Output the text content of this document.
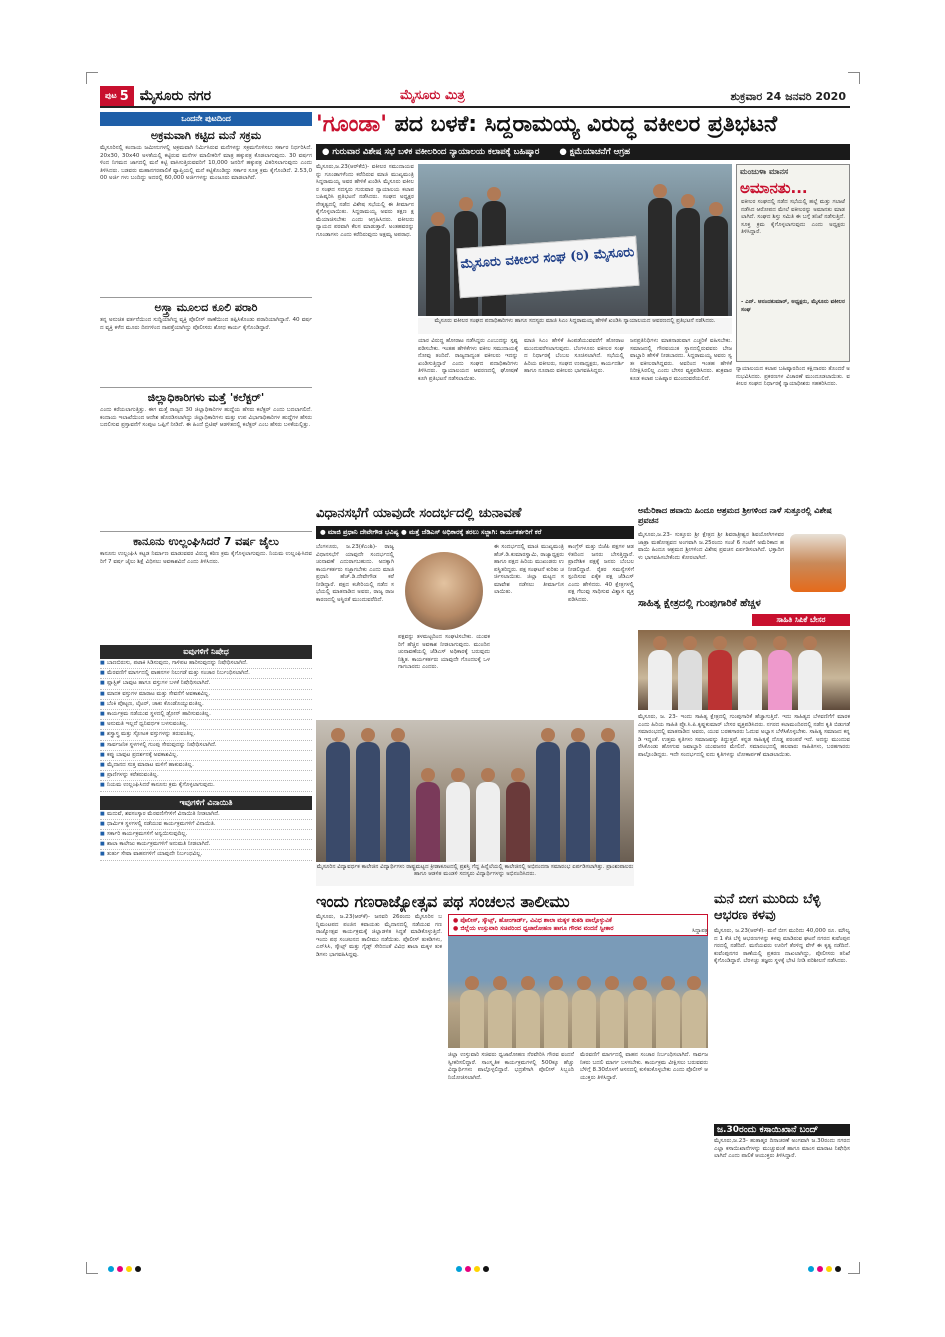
ಪುಟ 5 ಮೈಸೂರು ನಗರ	ಮೈಸೂರು ಮಿತ್ರ	ಶುಕ್ರವಾರ 24 ಜನವರಿ 2020
ಒಂದನೇ ಪುಟದಿಂದ
ಅಕ್ರಮವಾಗಿ ಕಟ್ಟಿದ ಮನೆ ಸಕ್ರಮ
ಮೈಸೂರಿನಲ್ಲಿ ಕಂದಾಯ ಜಮೀನುಗಳಲ್ಲಿ ಅಕ್ರಮವಾಗಿ ನಿರ್ಮಿಸಿರುವ ಮನೆಗಳನ್ನು ಸಕ್ರಮಗೊಳಿಸಲು ಸರ್ಕಾರ ನಿರ್ಧರಿಸಿದೆ. 20x30, 30x40 ಅಳತೆಯಲ್ಲಿ ಕಟ್ಟಿರುವ ಮನೆಗಳ ಮಾಲೀಕರಿಗೆ ಮಾತ್ರ ಹಕ್ಕುಪತ್ರ ಕೊಡಲಾಗುವುದು. 30 ವರ್ಷಗಳಿಂದ ನಿಗಮದ ಜಾಗದಲ್ಲಿ ಮನೆ ಕಟ್ಟಿ ವಾಸಿಸುತ್ತಿರುವವರಿಗೆ 10,000 ಜನರಿಗೆ ಹಕ್ಕುಪತ್ರ ವಿತರಿಸಲಾಗುವುದು ಎಂದು ತಿಳಿಸಿದರು. ಬಡವರು ಮಹಾನಗರಪಾಲಿಕೆ ವ್ಯಾಪ್ತಿಯಲ್ಲಿ ಮನೆ ಕಟ್ಟಿಕೊಂಡಿದ್ದು ಸರ್ಕಾರ ಸೂಕ್ತ ಕ್ರಮ ಕೈಗೊಂಡಿದೆ. 2.53,000 ಅರ್ಜಿ ಗಳು ಬಂದಿದ್ದು ಅದರಲ್ಲಿ 60,000 ಅರ್ಜಿಗಳನ್ನು ಮಂಜೂರು ಮಾಡಲಾಗಿದೆ.
ಅಸ್ತ್ರಾ ಮೂಲದ ಕೂಲಿ ಪರಾರಿ
ತನ್ನ ಅನುಚಿತ ವರ್ತನೆಯಿಂದ ಸುದ್ದಿಯಾಗಿದ್ದ ವ್ಯಕ್ತಿ ಪೊಲೀಸ್ ಠಾಣೆಯಿಂದ ತಪ್ಪಿಸಿಕೊಂಡು ಪರಾರಿಯಾಗಿದ್ದಾನೆ. 40 ವರ್ಷದ ವ್ಯಕ್ತಿ ಕಳೆದ ಮೂರು ದಿನಗಳಿಂದ ನಾಪತ್ತೆಯಾಗಿದ್ದು ಪೊಲೀಸರು ಶೋಧ ಕಾರ್ಯ ಕೈಗೊಂಡಿದ್ದಾರೆ.
ಜಿಲ್ಲಾಧಿಕಾರಿಗಳು ಮತ್ತೆ 'ಕಲೆಕ್ಟರ್'
ಎಂದು ಕರೆಯಲಾಗುತ್ತಿತ್ತು. ಈಗ ಮತ್ತೆ ರಾಜ್ಯದ 30 ಜಿಲ್ಲಾಧಿಕಾರಿಗಳ ಹುದ್ದೆಯ ಹೆಸರು ಕಲೆಕ್ಟರ್ ಎಂದು ಬದಲಾಗಲಿದೆ. ಕಂದಾಯ ಇಲಾಖೆಯಿಂದ ಆದೇಶ ಹೊರಡಿಸಲಾಗಿದ್ದು ಜಿಲ್ಲಾಧಿಕಾರಿಗಳು ಮತ್ತು ಉಪ ವಿಭಾಗಾಧಿಕಾರಿಗಳ ಹುದ್ದೆಗಳ ಹೆಸರು ಬದಲಿಸುವ ಪ್ರಸ್ತಾವನೆಗೆ ಸಂಪುಟ ಒಪ್ಪಿಗೆ ನೀಡಿದೆ. ಈ ಹಿಂದೆ ಬ್ರಿಟಿಷ್ ಆಡಳಿತದಲ್ಲಿ ಕಲೆಕ್ಟರ್ ಎಂಬ ಹೆಸರು ಬಳಕೆಯಲ್ಲಿತ್ತು.
ಕಾನೂನು ಉಲ್ಲಂಘಿಸಿದರೆ 7 ವರ್ಷ ಜೈಲು
ಕಾನೂನು ಉಲ್ಲಂಘಿಸಿ ಕಟ್ಟಡ ನಿರ್ಮಾಣ ಮಾಡುವವರ ವಿರುದ್ಧ ಕಠಿಣ ಕ್ರಮ ಕೈಗೊಳ್ಳಲಾಗುವುದು. ನಿಯಮ ಉಲ್ಲಂಘಿಸಿದವರಿಗೆ 7 ವರ್ಷ ಜೈಲು ಶಿಕ್ಷೆ ವಿಧಿಸಲು ಅವಕಾಶವಿದೆ ಎಂದು ತಿಳಿಸಿದರು.
ಐವುಗಳಿಗೆ ನಿಷೇಧ
■ ಬಾಣಬಿರುಸು, ಪಟಾಕಿ ಸಿಡಿಸುವುದು, ಗಾಳಿಪಟ ಹಾರಿಸುವುದನ್ನು ನಿಷೇಧಿಸಲಾಗಿದೆ.
■ ಮೆರವಣಿಗೆ ಮಾರ್ಗದಲ್ಲಿ ವಾಹನಗಳ ನಿಲುಗಡೆ ಮತ್ತು ಸಂಚಾರ ನಿರ್ಬಂಧಿಸಲಾಗಿದೆ.
■ ಪ್ಲಾಸ್ಟಿಕ್ ಬಾವುಟ ಹಾಗೂ ವಸ್ತುಗಳ ಬಳಕೆ ನಿಷೇಧಿಸಲಾಗಿದೆ.
■ ಮಾದಕ ವಸ್ತುಗಳ ಮಾರಾಟ ಮತ್ತು ಸೇವನೆಗೆ ಅವಕಾಶವಿಲ್ಲ.
■ ಬೆಂಕಿ ಪೊಟ್ಟಣ, ಲೈಟರ್, ಚಾಕು ಕೊಂಡೊಯ್ಯುವಂತಿಲ್ಲ.
■ ಕಾರ್ಯಕ್ರಮ ನಡೆಯುವ ಸ್ಥಳದಲ್ಲಿ ಡ್ರೋನ್ ಹಾರಿಸುವಂತಿಲ್ಲ.
■ ಅನುಮತಿ ಇಲ್ಲದೆ ಧ್ವನಿವರ್ಧಕ ಬಳಸುವಂತಿಲ್ಲ.
■ ಶಸ್ತ್ರಾಸ್ತ್ರ ಮತ್ತು ಸ್ಫೋಟಕ ವಸ್ತುಗಳನ್ನು ತರುವಂತಿಲ್ಲ.
■ ಸಾರ್ವಜನಿಕ ಸ್ಥಳಗಳಲ್ಲಿ ಗುಂಪು ಸೇರುವುದನ್ನು ನಿಷೇಧಿಸಲಾಗಿದೆ.
■ ಕಪ್ಪು ಬಾವುಟ ಪ್ರದರ್ಶನಕ್ಕೆ ಅವಕಾಶವಿಲ್ಲ.
■ ಮೈದಾನದ ಸುತ್ತ ಮಾರಾಟ ಮಳಿಗೆ ಹಾಕುವಂತಿಲ್ಲ.
■ ಪ್ರಾಣಿಗಳನ್ನು ಕರೆತರುವಂತಿಲ್ಲ.
■ ನಿಯಮ ಉಲ್ಲಂಘಿಸಿದರೆ ಕಾನೂನು ಕ್ರಮ ಕೈಗೊಳ್ಳಲಾಗುವುದು.
ಇವುಗಳಿಗೆ ವಿನಾಯಿತಿ
■ ಮದುವೆ, ಶವಸಂಸ್ಕಾರ ಮೆರವಣಿಗೆಗಳಿಗೆ ವಿನಾಯಿತಿ ನೀಡಲಾಗಿದೆ.
■ ಧಾರ್ಮಿಕ ಸ್ಥಳಗಳಲ್ಲಿ ನಡೆಯುವ ಕಾರ್ಯಕ್ರಮಗಳಿಗೆ ವಿನಾಯಿತಿ.
■ ಸರ್ಕಾರಿ ಕಾರ್ಯಕ್ರಮಗಳಿಗೆ ಅನ್ವಯಿಸುವುದಿಲ್ಲ.
■ ಶಾಲಾ ಕಾಲೇಜು ಕಾರ್ಯಕ್ರಮಗಳಿಗೆ ಅನುಮತಿ ನೀಡಲಾಗಿದೆ.
■ ತುರ್ತು ಸೇವಾ ವಾಹನಗಳಿಗೆ ಯಾವುದೇ ನಿರ್ಬಂಧವಿಲ್ಲ.
'ಗೂಂಡಾ' ಪದ ಬಳಕೆ: ಸಿದ್ದರಾಮಯ್ಯ ವಿರುದ್ಧ ವಕೀಲರ ಪ್ರತಿಭಟನೆ
● ಗುರುವಾರ ವಿಶೇಷ ಸಭೆ ಬಳಿಕ ವಕೀಲರಿಂದ ನ್ಯಾಯಾಲಯ ಕಲಾಪಕ್ಕೆ ಬಹಿಷ್ಕಾರ ● ಕ್ಷಮೆಯಾಚನೆಗೆ ಆಗ್ರಹ
ಮೈಸೂರು,ಜ.23(ಆರ್‌ಕೆಬಿ)- ವಕೀಲರ ಸಮುದಾಯವನ್ನು ಗೂಂಡಾಗಳೆಂದು ಕರೆದಿರುವ ಮಾಜಿ ಮುಖ್ಯಮಂತ್ರಿ ಸಿದ್ದರಾಮಯ್ಯ ಅವರ ಹೇಳಿಕೆ ಖಂಡಿಸಿ ಮೈಸೂರು ವಕೀಲರ ಸಂಘದ ಸದಸ್ಯರು ಗುರುವಾರ ನ್ಯಾಯಾಲಯ ಕಲಾಪ ಬಹಿಷ್ಕರಿಸಿ ಪ್ರತಿಭಟನೆ ನಡೆಸಿದರು. ಸಂಘದ ಅಧ್ಯಕ್ಷರ ನೇತೃತ್ವದಲ್ಲಿ ನಡೆದ ವಿಶೇಷ ಸಭೆಯಲ್ಲಿ ಈ ತೀರ್ಮಾನ ಕೈಗೊಳ್ಳಲಾಯಿತು. ಸಿದ್ದರಾಮಯ್ಯ ಅವರು ತಕ್ಷಣ ಕ್ಷಮೆಯಾಚಿಸಬೇಕು ಎಂದು ಆಗ್ರಹಿಸಿದರು. ವಕೀಲರು ನ್ಯಾಯದ ಪರವಾಗಿ ಕೆಲಸ ಮಾಡುತ್ತಾರೆ. ಅಂತಹವರನ್ನು ಗೂಂಡಾಗಳು ಎಂದು ಕರೆದಿರುವುದು ಅಕ್ಷಮ್ಯ ಅಪರಾಧ.
ಮೈಸೂರು ವಕೀಲರ ಸಂಘ (ರಿ) ಮೈಸೂರು
ಮೈಸೂರು ವಕೀಲರ ಸಂಘದ ಪದಾಧಿಕಾರಿಗಳು ಹಾಗೂ ಸದಸ್ಯರು ಮಾಜಿ ಸಿಎಂ ಸಿದ್ದರಾಮಯ್ಯ ಹೇಳಿಕೆ ಖಂಡಿಸಿ ನ್ಯಾಯಾಲಯದ ಆವರಣದಲ್ಲಿ ಪ್ರತಿಭಟನೆ ನಡೆಸಿದರು.
ಯಾರ ವಿರುದ್ಧ ಹೋರಾಟ ನಡೆಸಿದ್ದರು ಎಂಬುದನ್ನು ಸ್ಪಷ್ಟಪಡಿಸಬೇಕು. ಇಂತಹ ಹೇಳಿಕೆಗಳು ವಕೀಲ ಸಮುದಾಯಕ್ಕೆ ನೋವು ತಂದಿದೆ. ರಾಜ್ಯದಾದ್ಯಂತ ವಕೀಲರು ಇದನ್ನು ಖಂಡಿಸುತ್ತಿದ್ದಾರೆ ಎಂದು ಸಂಘದ ಪದಾಧಿಕಾರಿಗಳು ತಿಳಿಸಿದರು. ನ್ಯಾಯಾಲಯದ ಆವರಣದಲ್ಲಿ ಘೋಷಣೆ ಕೂಗಿ ಪ್ರತಿಭಟನೆ ನಡೆಸಲಾಯಿತು.
ಮಾಜಿ ಸಿಎಂ ಹೇಳಿಕೆ ಹಿಂಪಡೆಯುವವರೆಗೆ ಹೋರಾಟ ಮುಂದುವರೆಸಲಾಗುವುದು. ಬೆಂಗಳೂರು ವಕೀಲರ ಸಂಘದ ನಿರ್ಧಾರಕ್ಕೆ ಬೆಂಬಲ ಸೂಚಿಸಲಾಗಿದೆ. ಸಭೆಯಲ್ಲಿ ಹಿರಿಯ ವಕೀಲರು, ಸಂಘದ ಉಪಾಧ್ಯಕ್ಷರು, ಕಾರ್ಯದರ್ಶಿ ಹಾಗೂ ನೂರಾರು ವಕೀಲರು ಭಾಗವಹಿಸಿದ್ದರು.
ಜನಪ್ರತಿನಿಧಿಗಳು ಮಾತನಾಡುವಾಗ ಎಚ್ಚರಿಕೆ ವಹಿಸಬೇಕು. ಸಮಾಜದಲ್ಲಿ ಗೌರವಯುತ ಸ್ಥಾನದಲ್ಲಿರುವವರು ಬೇಜವಾಬ್ದಾರಿ ಹೇಳಿಕೆ ನೀಡಬಾರದು. ಸಿದ್ದರಾಮಯ್ಯ ಅವರು ಸ್ವತಃ ವಕೀಲರಾಗಿದ್ದವರು. ಅವರಿಂದ ಇಂತಹ ಹೇಳಿಕೆ ನಿರೀಕ್ಷಿಸಿರಲಿಲ್ಲ ಎಂದು ಬೇಸರ ವ್ಯಕ್ತಪಡಿಸಿದರು. ಶುಕ್ರವಾರ ಕೂಡ ಕಲಾಪ ಬಹಿಷ್ಕಾರ ಮುಂದುವರೆಯಲಿದೆ.
ಮಂಜುಳಾ ಮಾನಸ
ಅಮಾನತು...
ವಕೀಲರ ಸಂಘದಲ್ಲಿ ನಡೆದ ಸಭೆಯಲ್ಲಿ ಹಲ್ಲೆ ಮತ್ತು ಗಲಾಟೆ ನಡೆಸಿದ ಆರೋಪದ ಮೇಲೆ ವಕೀಲರನ್ನು ಅಮಾನತು ಮಾಡಲಾಗಿದೆ. ಸಂಘದ ಶಿಸ್ತು ಸಮಿತಿ ಈ ಬಗ್ಗೆ ತನಿಖೆ ನಡೆಸುತ್ತಿದೆ. ಸೂಕ್ತ ಕ್ರಮ ಕೈಗೊಳ್ಳಲಾಗುವುದು ಎಂದು ಅಧ್ಯಕ್ಷರು ತಿಳಿಸಿದ್ದಾರೆ.
- ಎನ್. ಆನಂದಕುಮಾರ್, ಅಧ್ಯಕ್ಷರು, ಮೈಸೂರು ವಕೀಲರ ಸಂಘ
ನ್ಯಾಯಾಲಯದ ಕಲಾಪ ಬಹಿಷ್ಕಾರದಿಂದ ಕಕ್ಷಿದಾರರು ತೊಂದರೆ ಅನುಭವಿಸಿದರು. ಪ್ರಕರಣಗಳ ವಿಚಾರಣೆ ಮುಂದೂಡಲಾಯಿತು. ವಕೀಲರ ಸಂಘದ ನಿರ್ಧಾರಕ್ಕೆ ನ್ಯಾಯಾಧೀಶರು ಸಹಕರಿಸಿದರು.
ವಿಧಾನಸಭೆಗೆ ಯಾವುದೇ ಸಂದರ್ಭದಲ್ಲಿ ಚುನಾವಣೆ
● ಮಾಜಿ ಪ್ರಧಾನಿ ದೇವೇಗೌಡ ಭವಿಷ್ಯ ● ಮತ್ತೆ ಜೆಡಿಎಸ್ ಅಧಿಕಾರಕ್ಕೆ ತರಲು ಸಜ್ಜಾಗಿ: ಕಾರ್ಯಕರ್ತರಿಗೆ ಕರೆ
ಬೆಂಗಳೂರು, ಜ.23(ಕೆಎಂಶಿ)- ರಾಜ್ಯ ವಿಧಾನಸಭೆಗೆ ಯಾವುದೇ ಸಂದರ್ಭದಲ್ಲಿ ಚುನಾವಣೆ ಎದುರಾಗಬಹುದು. ಅದಕ್ಕಾಗಿ ಕಾರ್ಯಕರ್ತರು ಸಜ್ಜಾಗಬೇಕು ಎಂದು ಮಾಜಿ ಪ್ರಧಾನಿ ಹೆಚ್.ಡಿ.ದೇವೇಗೌಡ ಕರೆ ನೀಡಿದ್ದಾರೆ. ಪಕ್ಷದ ಕಚೇರಿಯಲ್ಲಿ ನಡೆದ ಸಭೆಯಲ್ಲಿ ಮಾತನಾಡಿದ ಅವರು, ರಾಜ್ಯ ರಾಜಕಾರಣದಲ್ಲಿ ಅಸ್ಥಿರತೆ ಮುಂದುವರೆದಿದೆ.
ಪಕ್ಷವನ್ನು ತಳಮಟ್ಟದಿಂದ ಸಂಘಟಿಸಬೇಕು. ಯುವಕರಿಗೆ ಹೆಚ್ಚಿನ ಅವಕಾಶ ನೀಡಲಾಗುವುದು. ಮುಂದಿನ ಚುನಾವಣೆಯಲ್ಲಿ ಜೆಡಿಎಸ್ ಅಧಿಕಾರಕ್ಕೆ ಬರುವುದು ನಿಶ್ಚಿತ. ಕಾರ್ಯಕರ್ತರು ಯಾವುದೇ ಗೊಂದಲಕ್ಕೆ ಒಳಗಾಗಬಾರದು ಎಂದರು.
ಈ ಸಂದರ್ಭದಲ್ಲಿ ಮಾಜಿ ಮುಖ್ಯಮಂತ್ರಿ ಹೆಚ್.ಡಿ.ಕುಮಾರಸ್ವಾಮಿ, ರಾಜ್ಯಾಧ್ಯಕ್ಷರು ಹಾಗೂ ಪಕ್ಷದ ಹಿರಿಯ ಮುಖಂಡರು ಉಪಸ್ಥಿತರಿದ್ದರು. ಪಕ್ಷ ಸಂಘಟನೆ ಕುರಿತು ಚರ್ಚಿಸಲಾಯಿತು. ಜಿಲ್ಲಾ ಮಟ್ಟದ ಸಮಾವೇಶ ನಡೆಸಲು ತೀರ್ಮಾನಿಸಲಾಯಿತು.
ಕಾಂಗ್ರೆಸ್ ಮತ್ತು ಬಿಜೆಪಿ ಪಕ್ಷಗಳ ಆಡಳಿತದಿಂದ ಜನರು ಬೇಸತ್ತಿದ್ದಾರೆ. ಪ್ರಾದೇಶಿಕ ಪಕ್ಷಕ್ಕೆ ಜನರು ಬೆಂಬಲ ನೀಡಲಿದ್ದಾರೆ. ರೈತರ ಸಮಸ್ಯೆಗಳಿಗೆ ಸ್ಪಂದಿಸುವ ಏಕೈಕ ಪಕ್ಷ ಜೆಡಿಎಸ್ ಎಂದು ಹೇಳಿದರು. 40 ಕ್ಷೇತ್ರಗಳಲ್ಲಿ ಪಕ್ಷ ಗೆಲುವು ಸಾಧಿಸುವ ವಿಶ್ವಾಸ ವ್ಯಕ್ತಪಡಿಸಿದರು.
ಮೈಸೂರಿನ ವಿದ್ಯಾವರ್ಧಕ ಕಾಲೇಜಿನ ವಿದ್ಯಾರ್ಥಿಗಳು ರಾಷ್ಟ್ರಮಟ್ಟದ ಕ್ರೀಡಾಕೂಟದಲ್ಲಿ ಪ್ರಶಸ್ತಿ ಗೆದ್ದ ಹಿನ್ನೆಲೆಯಲ್ಲಿ ಕಾಲೇಜಿನಲ್ಲಿ ಅಭಿನಂದನಾ ಸಮಾರಂಭ ಏರ್ಪಡಿಸಲಾಗಿತ್ತು. ಪ್ರಾಂಶುಪಾಲರು ಹಾಗೂ ಆಡಳಿತ ಮಂಡಳಿ ಸದಸ್ಯರು ವಿದ್ಯಾರ್ಥಿಗಳನ್ನು ಅಭಿನಂದಿಸಿದರು.
ಅಮೆರಿಕಾದ ಹವಾಯಿ ಹಿಂದೂ ಆಶ್ರಮದ ಶ್ರೀಗಳಿಂದ ನಾಳೆ ಸುತ್ತೂರಲ್ಲಿ ವಿಶೇಷ ಪ್ರವಚನ
ಮೈಸೂರು,ಜ.23- ಸುತ್ತೂರು ಶ್ರೀ ಕ್ಷೇತ್ರದ ಶ್ರೀ ಶಿವರಾತ್ರೀಶ್ವರ ಶಿವಯೋಗಿಗಳವರ ಜಾತ್ರಾ ಮಹೋತ್ಸವದ ಅಂಗವಾಗಿ ಜ.25ರಂದು ಸಂಜೆ 6 ಗಂಟೆಗೆ ಅಮೆರಿಕಾದ ಹವಾಯಿ ಹಿಂದೂ ಆಶ್ರಮದ ಶ್ರೀಗಳಿಂದ ವಿಶೇಷ ಪ್ರವಚನ ಏರ್ಪಡಿಸಲಾಗಿದೆ. ಭಕ್ತಾದಿಗಳು ಭಾಗವಹಿಸಬೇಕೆಂದು ಕೋರಲಾಗಿದೆ.
ಸಾಹಿತ್ಯ ಕ್ಷೇತ್ರದಲ್ಲಿ ಗುಂಪುಗಾರಿಕೆ ಹೆಚ್ಚಳ
ಸಾಹಿತಿ ಸಿಪಿಕೆ ಬೇಸರ
ಮೈಸೂರು, ಜ. 23- ಇಂದು ಸಾಹಿತ್ಯ ಕ್ಷೇತ್ರದಲ್ಲಿ ಗುಂಪುಗಾರಿಕೆ ಹೆಚ್ಚಾಗುತ್ತಿದೆ. ಇದು ಸಾಹಿತ್ಯದ ಬೆಳವಣಿಗೆಗೆ ಮಾರಕ ಎಂದು ಹಿರಿಯ ಸಾಹಿತಿ ಪ್ರೊ.ಸಿ.ಪಿ.ಕೃಷ್ಣಕುಮಾರ್ ಬೇಸರ ವ್ಯಕ್ತಪಡಿಸಿದರು. ನಗರದ ಕಲಾಮಂದಿರದಲ್ಲಿ ನಡೆದ ಕೃತಿ ಬಿಡುಗಡೆ ಸಮಾರಂಭದಲ್ಲಿ ಮಾತನಾಡಿದ ಅವರು, ಯುವ ಬರಹಗಾರರು ಓದುವ ಅಭ್ಯಾಸ ಬೆಳೆಸಿಕೊಳ್ಳಬೇಕು. ಸಾಹಿತ್ಯ ಸಮಾಜದ ಕನ್ನಡಿ ಇದ್ದಂತೆ. ಉತ್ತಮ ಕೃತಿಗಳು ಸಮಾಜವನ್ನು ತಿದ್ದುತ್ತವೆ. ಕನ್ನಡ ಸಾಹಿತ್ಯಕ್ಕೆ ದೊಡ್ಡ ಪರಂಪರೆ ಇದೆ. ಅದನ್ನು ಮುಂದುವರೆಸಿಕೊಂಡು ಹೋಗುವ ಜವಾಬ್ದಾರಿ ಯುವಜನರ ಮೇಲಿದೆ. ಸಮಾರಂಭದಲ್ಲಿ ಹಲವಾರು ಸಾಹಿತಿಗಳು, ಬರಹಗಾರರು ಪಾಲ್ಗೊಂಡಿದ್ದರು. ಇದೇ ಸಂದರ್ಭದಲ್ಲಿ ಐದು ಕೃತಿಗಳನ್ನು ಲೋಕಾರ್ಪಣೆ ಮಾಡಲಾಯಿತು.
ಇಂದು ಗಣರಾಜ್ಯೋತ್ಸವ ಪಥ ಸಂಚಲನ ತಾಲೀಮು
● ಪೊಲೀಸ್, ಸ್ಕೌಟ್ಸ್, ಹೋಂಗಾರ್ಡ್, ವಿವಿಧ ಶಾಲಾ ಮಕ್ಕಳ ತುಕಡಿ ಪಾಲ್ಗೊಳ್ಳುವಿಕೆ
● ಜಿಲ್ಲೆಯ ಉಸ್ತುವಾರಿ ಸಚಿವರಿಂದ ಧ್ವಜಾರೋಹಣ ಹಾಗೂ ಗೌರವ ವಂದನೆ ಸ್ವೀಕಾರ
ಮೈಸೂರು, ಜ.23(ಆರ್‌ಕೆ)- ಜನವರಿ 26ರಂದು ಮೈಸೂರಿನ ಬನ್ನಿಮಂಟಪದ ಪಂಜಿನ ಕವಾಯತು ಮೈದಾನದಲ್ಲಿ ನಡೆಯುವ ಗಣರಾಜ್ಯೋತ್ಸವ ಕಾರ್ಯಕ್ರಮಕ್ಕೆ ಜಿಲ್ಲಾಡಳಿತ ಸಿದ್ಧತೆ ಮಾಡಿಕೊಳ್ಳುತ್ತಿದೆ. ಇಂದು ಪಥ ಸಂಚಲನದ ತಾಲೀಮು ನಡೆಯಿತು. ಪೊಲೀಸ್ ತುಕಡಿಗಳು, ಎನ್‌ಸಿಸಿ, ಸ್ಕೌಟ್ಸ್ ಮತ್ತು ಗೈಡ್ಸ್ ಸೇರಿದಂತೆ ವಿವಿಧ ಶಾಲಾ ಮಕ್ಕಳ ತುಕಡಿಗಳು ಭಾಗವಹಿಸಿದ್ದವು.
ಸಿದ್ದಾಪತ್ರ
ಜಿಲ್ಲಾ ಉಸ್ತುವಾರಿ ಸಚಿವರು ಧ್ವಜಾರೋಹಣ ನೆರವೇರಿಸಿ ಗೌರವ ವಂದನೆ ಸ್ವೀಕರಿಸಲಿದ್ದಾರೆ. ಸಾಂಸ್ಕೃತಿಕ ಕಾರ್ಯಕ್ರಮಗಳಲ್ಲಿ 500ಕ್ಕೂ ಹೆಚ್ಚು ವಿದ್ಯಾರ್ಥಿಗಳು ಪಾಲ್ಗೊಳ್ಳಲಿದ್ದಾರೆ. ಭದ್ರತೆಗಾಗಿ ಪೊಲೀಸ್ ಸಿಬ್ಬಂದಿ ನಿಯೋಜಿಸಲಾಗಿದೆ.
ಮೆರವಣಿಗೆ ಮಾರ್ಗದಲ್ಲಿ ವಾಹನ ಸಂಚಾರ ನಿರ್ಬಂಧಿಸಲಾಗಿದೆ. ಸಾರ್ವಜನಿಕರು ಬದಲಿ ಮಾರ್ಗ ಬಳಸಬೇಕು. ಕಾರ್ಯಕ್ರಮ ವೀಕ್ಷಿಸಲು ಬರುವವರು ಬೆಳಿಗ್ಗೆ 8.30ರೊಳಗೆ ಆಸನದಲ್ಲಿ ಕುಳಿತುಕೊಳ್ಳಬೇಕು ಎಂದು ಪೊಲೀಸ್ ಆಯುಕ್ತರು ತಿಳಿಸಿದ್ದಾರೆ.
ಮನೆ ಬೀಗ ಮುರಿದು ಬೆಳ್ಳಿ ಆಭರಣ ಕಳವು
ಮೈಸೂರು, ಜ.23(ಆರ್‌ಕೆ)- ಮನೆ ಬೀಗ ಮುರಿದು 40,000 ರೂ. ಮೌಲ್ಯದ 1 ಕೆಜಿ ಬೆಳ್ಳಿ ಆಭರಣಗಳನ್ನು ಕಳವು ಮಾಡಿರುವ ಘಟನೆ ನಗರದ ಕುವೆಂಪುನಗರದಲ್ಲಿ ನಡೆದಿದೆ. ಮನೆಯವರು ಊರಿಗೆ ತೆರಳಿದ್ದ ವೇಳೆ ಈ ಕೃತ್ಯ ನಡೆದಿದೆ. ಕುವೆಂಪುನಗರ ಠಾಣೆಯಲ್ಲಿ ಪ್ರಕರಣ ದಾಖಲಾಗಿದ್ದು, ಪೊಲೀಸರು ತನಿಖೆ ಕೈಗೊಂಡಿದ್ದಾರೆ. ಬೆರಳಚ್ಚು ತಜ್ಞರು ಸ್ಥಳಕ್ಕೆ ಭೇಟಿ ನೀಡಿ ಪರಿಶೀಲನೆ ನಡೆಸಿದರು.
ಜ.30ರಂದು ಕಸಾಯಿಖಾನೆ ಬಂದ್
ಮೈಸೂರು,ಜ.23- ಹುತಾತ್ಮರ ದಿನಾಚರಣೆ ಅಂಗವಾಗಿ ಜ.30ರಂದು ನಗರದ ಎಲ್ಲಾ ಕಸಾಯಿಖಾನೆಗಳನ್ನು ಮುಚ್ಚುವಂತೆ ಹಾಗೂ ಮಾಂಸ ಮಾರಾಟ ನಿಷೇಧಿಸಲಾಗಿದೆ ಎಂದು ಪಾಲಿಕೆ ಆಯುಕ್ತರು ತಿಳಿಸಿದ್ದಾರೆ.
